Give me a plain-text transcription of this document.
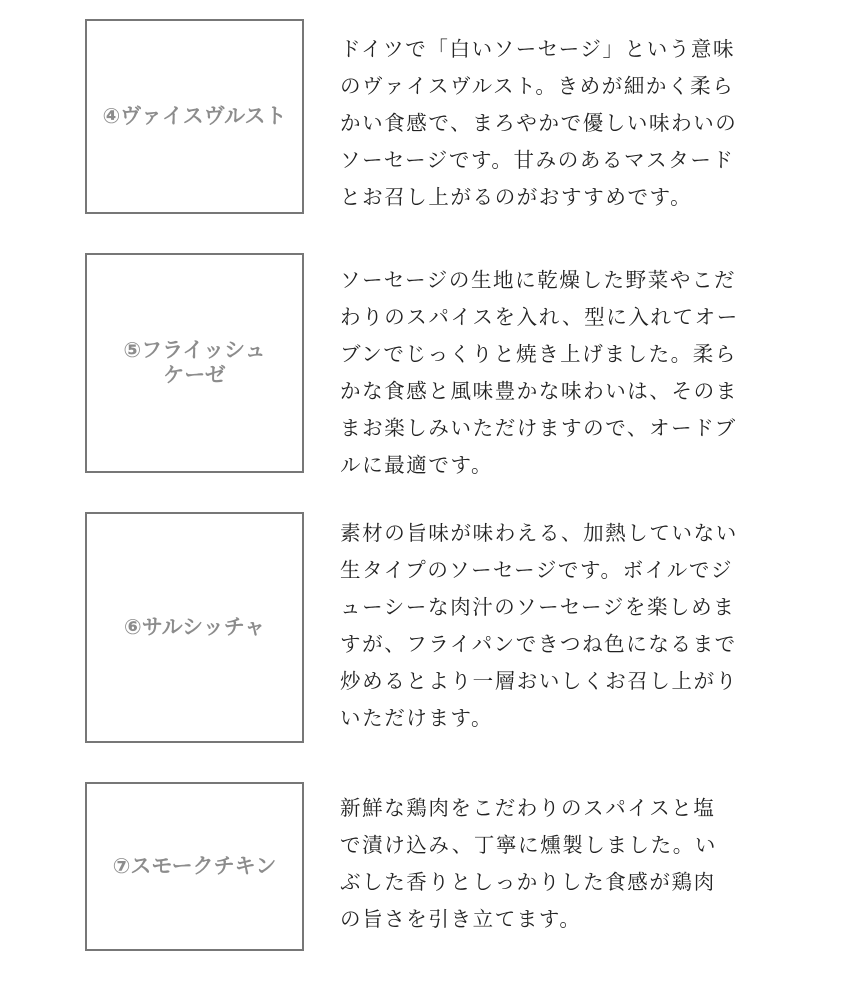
④ヴァイスヴルスト

ドイツで「白いソーセージ」という意味
のヴァイスヴルスト。きめが細かく柔ら
かい食感で、まろやかで優しい味わいの
ソーセージです。甘みのあるマスタード
とお召し上がるのがおすすめです。

⑤フライッシュ
ケーゼ

ソーセージの生地に乾燥した野菜やこだ
わりのスパイスを入れ、型に入れてオー
ブンでじっくりと焼き上げました。柔ら
かな食感と風味豊かな味わいは、そのま
まお楽しみいただけますので、オードブ
ルに最適です。

⑥サルシッチャ

素材の旨味が味わえる、加熱していない
生タイプのソーセージです。ボイルでジ
ューシーな肉汁のソーセージを楽しめま
すが、フライパンできつね色になるまで
炒めるとより一層おいしくお召し上がり
いただけます。

⑦スモークチキン

新鮮な鶏肉をこだわりのスパイスと塩
で漬け込み、丁寧に燻製しました。い
ぶした香りとしっかりした食感が鶏肉
の旨さを引き立てます。
